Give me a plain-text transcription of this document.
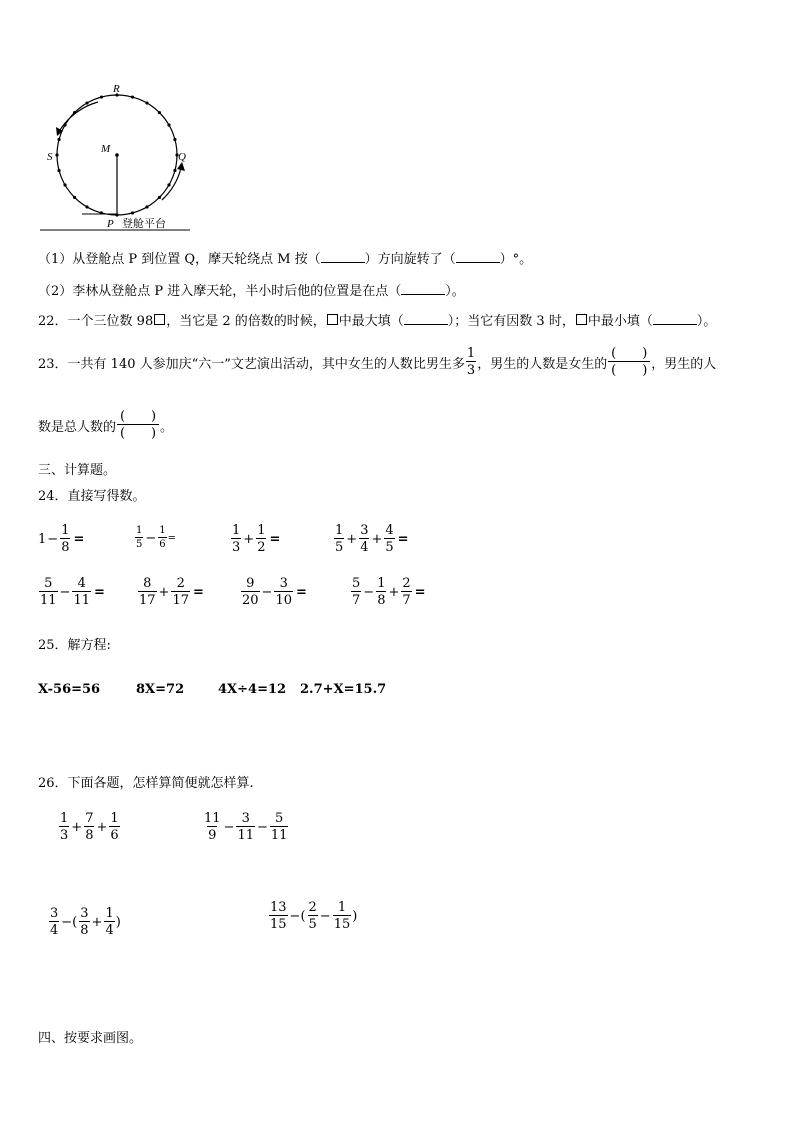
R
S
M
Q
P 登舱平台
（1）从登舱点 P 到位置 Q，摩天轮绕点 M 按（	）方向旋转了（	）°。
（2）李林从登舱点 P 进入摩天轮，半小时后他的位置是在点（	）。
22．一个三位数 98 ，当它是 2 的倍数的时候， 中最大填（	）；当它有因数 3 时， 中最小填（	）。
23．一共有 140 人参加庆“六一”文艺演出活动，其中女生的人数比男生多 $\frac{1}{3}$ ，男生的人数是女生的 $\frac{( )}{( )}$ ，男生的人
数是总人数的 $\frac{( )}{( )}$ 。
三、计算题。
24．直接写得数。
$1 - \frac{1}{8}$ =	$\frac{1}{5} - \frac{1}{6}$ =	$\frac{1}{3} + \frac{1}{2}$ =	$\frac{1}{5} + \frac{3}{4} + \frac{4}{5}$ =
$\frac{5}{11} - \frac{4}{11}$ =	$\frac{8}{17} + \frac{2}{17}$ =	$\frac{9}{20} - \frac{3}{10}$ =	$\frac{5}{7} - \frac{1}{8} + \frac{2}{7}$ =
25．解方程:
X-56=56	8X=72	4X÷4=12 2.7+X=15.7
26．下面各题，怎样算简便就怎样算.
$\frac{1}{3} + \frac{7}{8} + \frac{1}{6}$	$\frac{11}{9} - \frac{3}{11} - \frac{5}{11}$
$\frac{3}{4}$ −( $\frac{3}{8} + \frac{1}{4}$ )	$\frac{13}{15}$ −( $\frac{2}{5} - \frac{1}{15}$ )
四、按要求画图。
